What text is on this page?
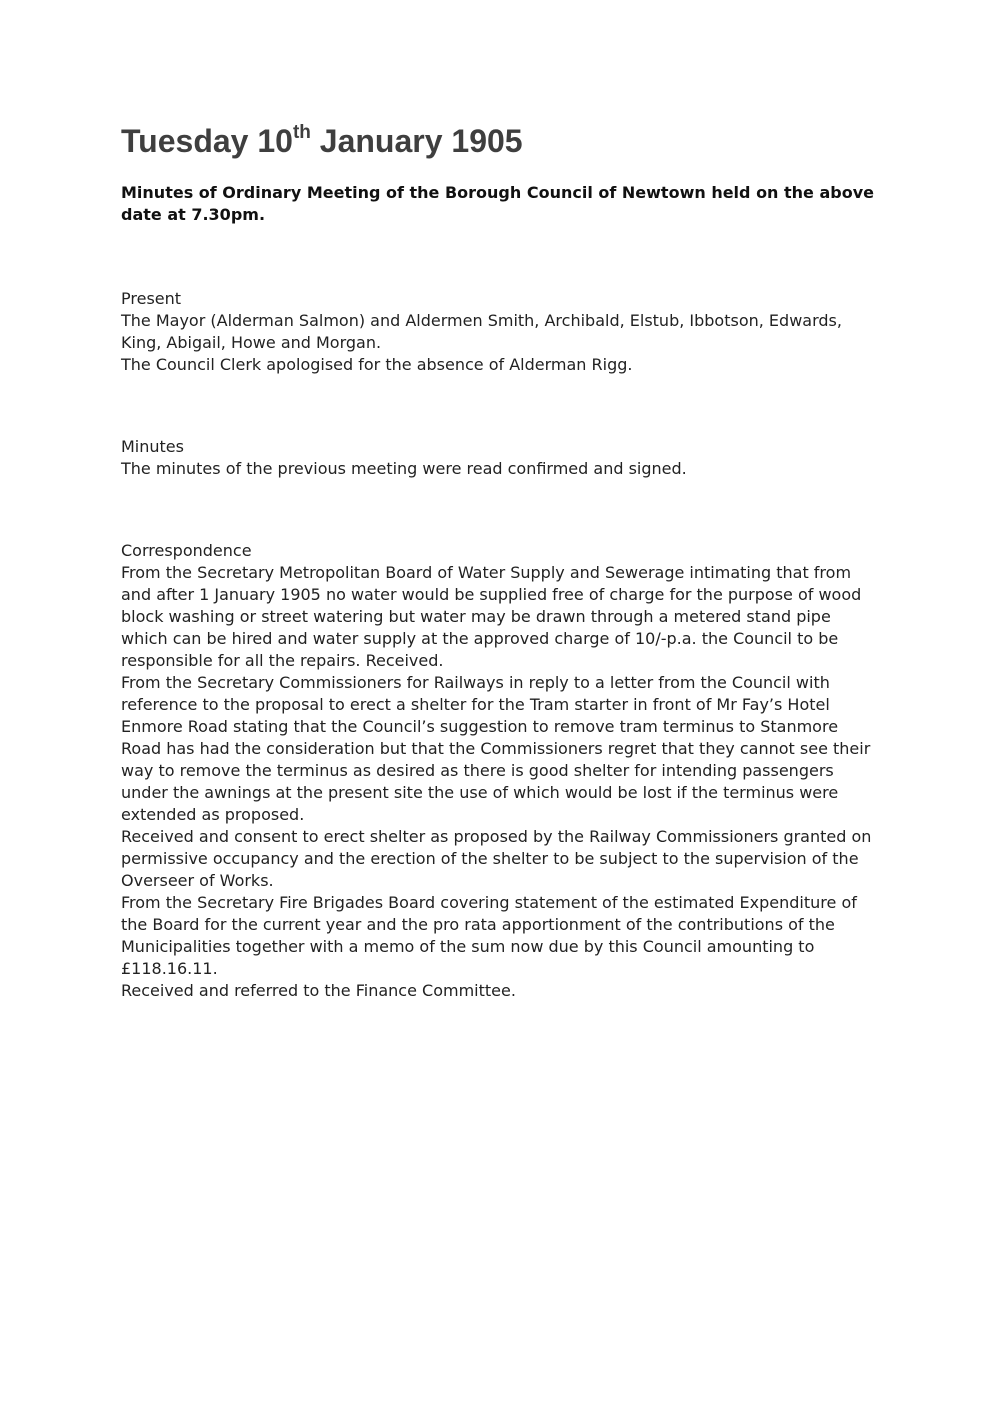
Tuesday 10th January 1905
Minutes of Ordinary Meeting of the Borough Council of Newtown held on the above date at 7.30pm.
Present

The Mayor (Alderman Salmon) and Aldermen Smith, Archibald, Elstub, Ibbotson, Edwards, King, Abigail, Howe and Morgan.

The Council Clerk apologised for the absence of Alderman Rigg.

Minutes

The minutes of the previous meeting were read confirmed and signed.

Correspondence

From the Secretary Metropolitan Board of Water Supply and Sewerage intimating that from and after 1 January 1905 no water would be supplied free of charge for the purpose of wood block washing or street watering but water may be drawn through a metered stand pipe which can be hired and water supply at the approved charge of 10/-p.a. the Council to be responsible for all the repairs. Received.

From the Secretary Commissioners for Railways in reply to a letter from the Council with reference to the proposal to erect a shelter for the Tram starter in front of Mr Fay’s Hotel Enmore Road stating that the Council’s suggestion to remove tram terminus to Stanmore Road has had the consideration but that the Commissioners regret that they cannot see their way to remove the terminus as desired as there is good shelter for intending passengers under the awnings at the present site the use of which would be lost if the terminus were extended as proposed.

Received and consent to erect shelter as proposed by the Railway Commissioners granted on permissive occupancy and the erection of the shelter to be subject to the supervision of the Overseer of Works.

From the Secretary Fire Brigades Board covering statement of the estimated Expenditure of the Board for the current year and the pro rata apportionment of the contributions of the Municipalities together with a memo of the sum now due by this Council amounting to £118.16.11.

Received and referred to the Finance Committee.
